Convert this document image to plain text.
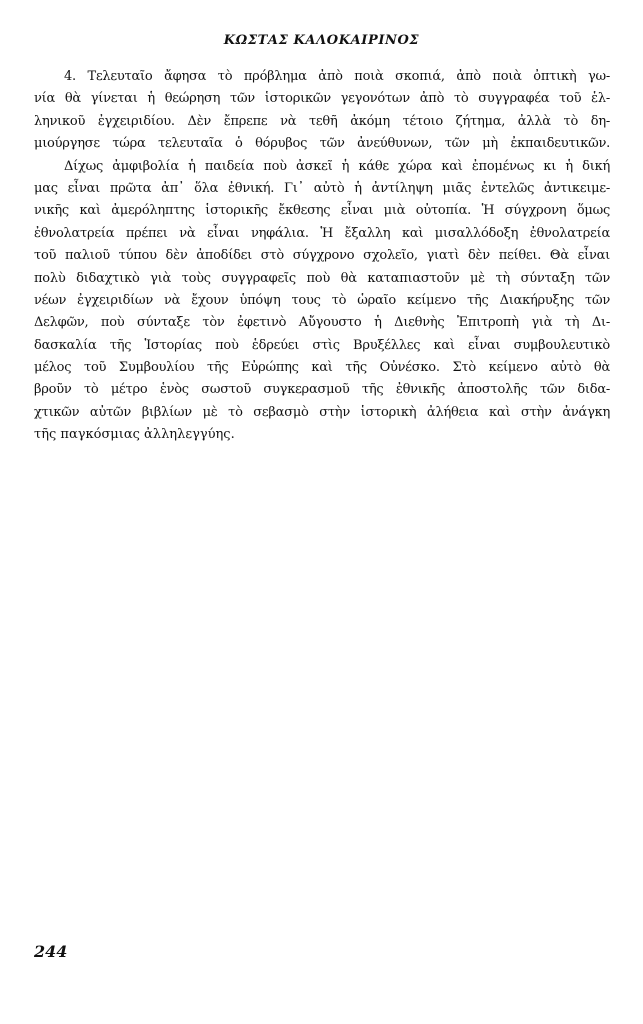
ΚΩΣΤΑΣ ΚΑΛΟΚΑΙΡΙΝΟΣ
4. Τελευταῖο ἄφησα τὸ πρόβλημα ἀπὸ ποιὰ σκοπιά, ἀπὸ ποιὰ ὀπτικὴ γω-
νία θὰ γίνεται ἡ θεώρηση τῶν ἱστορικῶν γεγονότων ἀπὸ τὸ συγγραφέα τοῦ ἑλ-
ληνικοῦ ἐγχειριδίου. Δὲν ἔπρεπε νὰ τεθῆ ἀκόμη τέτοιο ζήτημα, ἀλλὰ τὸ δη-
μιούργησε τώρα τελευταῖα ὁ θόρυβος τῶν ἀνεύθυνων, τῶν μὴ ἐκπαιδευτικῶν.
Δίχως ἀμφιβολία ἡ παιδεία ποὺ ἀσκεῖ ἡ κάθε χώρα καὶ ἐπομένως κι ἡ δική
μας εἶναι πρῶτα ἀπ᾿ ὅλα ἐθνική. Γι᾿ αὐτὸ ἡ ἀντίληψη μιᾶς ἐντελῶς ἀντικειμε-
νικῆς καὶ ἀμερόληπτης ἱστορικῆς ἔκθεσης εἶναι μιὰ οὐτοπία. Ἡ σύγχρονη ὅμως
ἐθνολατρεία πρέπει νὰ εἶναι νηφάλια. Ἡ ἔξαλλη καὶ μισαλλόδοξη ἐθνολατρεία
τοῦ παλιοῦ τύπου δὲν ἀποδίδει στὸ σύγχρονο σχολεῖο, γιατὶ δὲν πείθει. Θὰ εἶναι
πολὺ διδαχτικὸ γιὰ τοὺς συγγραφεῖς ποὺ θὰ καταπιαστοῦν μὲ τὴ σύνταξη τῶν
νέων ἐγχειριδίων νὰ ἔχουν ὑπόψη τους τὸ ὡραῖο κείμενο τῆς Διακήρυξης τῶν
Δελφῶν, ποὺ σύνταξε τὸν ἐφετινὸ Αὔγουστο ἡ Διεθνὴς Ἐπιτροπὴ γιὰ τὴ Δι-
δασκαλία τῆς Ἱστορίας ποὺ ἑδρεύει στὶς Βρυξέλλες καὶ εἶναι συμβουλευτικὸ
μέλος τοῦ Συμβουλίου τῆς Εὐρώπης καὶ τῆς Οὐνέσκο. Στὸ κείμενο αὐτὸ θὰ
βροῦν τὸ μέτρο ἑνὸς σωστοῦ συγκερασμοῦ τῆς ἐθνικῆς ἀποστολῆς τῶν διδα-
χτικῶν αὐτῶν βιβλίων μὲ τὸ σεβασμὸ στὴν ἱστορικὴ ἀλήθεια καὶ στὴν ἀνάγκη
τῆς παγκόσμιας ἀλληλεγγύης.
244
